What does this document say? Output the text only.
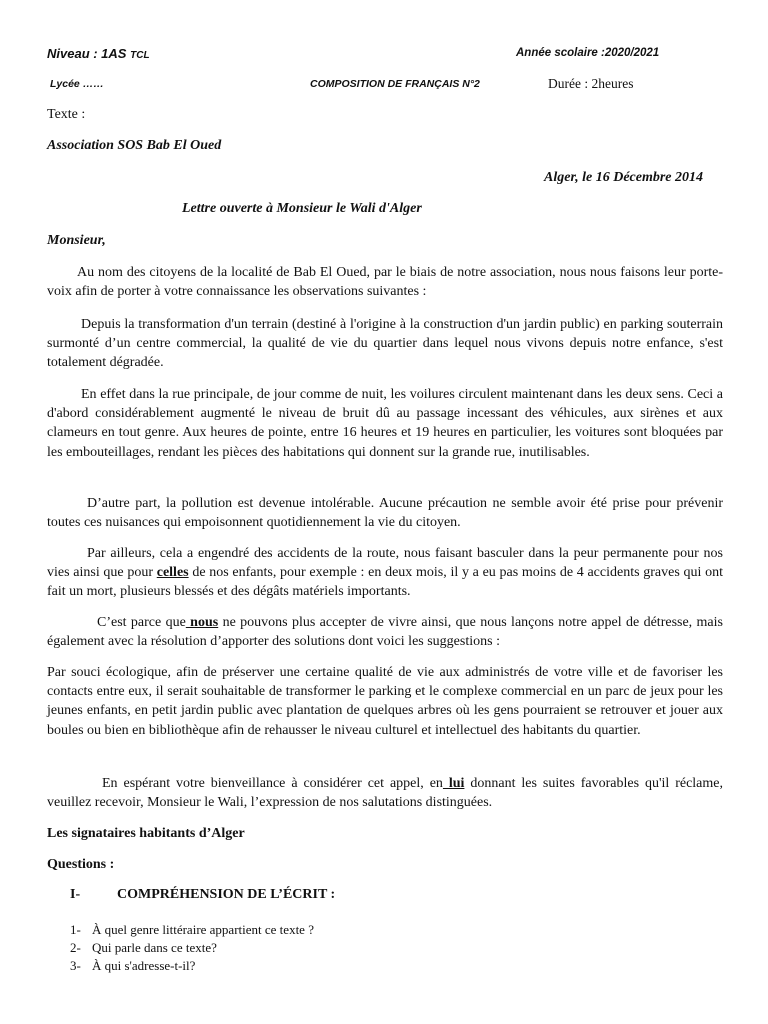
Niveau : 1AS TCL	Année scolaire :2020/2021
Lycée ……	COMPOSITION DE FRANÇAIS N°2	Durée : 2heures
Texte :
Association SOS Bab El Oued
Alger, le 16 Décembre 2014
Lettre ouverte à Monsieur le Wali d'Alger
Monsieur,
Au nom des citoyens de la localité de Bab El Oued, par le biais de notre association, nous nous faisons leur porte-voix afin de porter à votre connaissance les observations suivantes :
Depuis la transformation d'un terrain (destiné à l'origine à la construction d'un jardin public) en parking souterrain surmonté d’un centre commercial, la qualité de vie du quartier dans lequel nous vivons depuis notre enfance, s'est totalement dégradée.
En effet dans la rue principale, de jour comme de nuit, les voilures circulent maintenant dans les deux sens. Ceci a d'abord considérablement augmenté le niveau de bruit dû au passage incessant des véhicules, aux sirènes et aux clameurs en tout genre. Aux heures de pointe, entre 16 heures et 19 heures en particulier, les voitures sont bloquées par les embouteillages, rendant les pièces des habitations qui donnent sur la grande rue, inutilisables.
D’autre part, la pollution est devenue intolérable. Aucune précaution ne semble avoir été prise pour prévenir toutes ces nuisances qui empoisonnent quotidiennement la vie du citoyen.
Par ailleurs, cela a engendré des accidents de la route, nous faisant basculer dans la peur permanente pour nos vies ainsi que pour celles de nos enfants, pour exemple : en deux mois, il y a eu pas moins de 4 accidents graves qui ont fait un mort, plusieurs blessés et des dégâts matériels importants.
C’est parce que nous ne pouvons plus accepter de vivre ainsi, que nous lançons notre appel de détresse, mais également avec la résolution d’apporter des solutions dont voici les suggestions :
Par souci écologique, afin de préserver une certaine qualité de vie aux administrés de votre ville et de favoriser les contacts entre eux, il serait souhaitable de transformer le parking et le complexe commercial en un parc de jeux pour les jeunes enfants, en petit jardin public avec plantation de quelques arbres où les gens pourraient se retrouver et jouer aux boules ou bien en bibliothèque afin de rehausser le niveau culturel et intellectuel des habitants du quartier.
En espérant votre bienveillance à considérer cet appel, en lui donnant les suites favorables qu'il réclame, veuillez recevoir, Monsieur le Wali, l’expression de nos salutations distinguées.
Les signataires habitants d’Alger
Questions :
I-	COMPRÉHENSION DE L’ÉCRIT :
1- À quel genre littéraire appartient ce texte ?
2- Qui parle dans ce texte?
3- À qui s'adresse-t-il?
